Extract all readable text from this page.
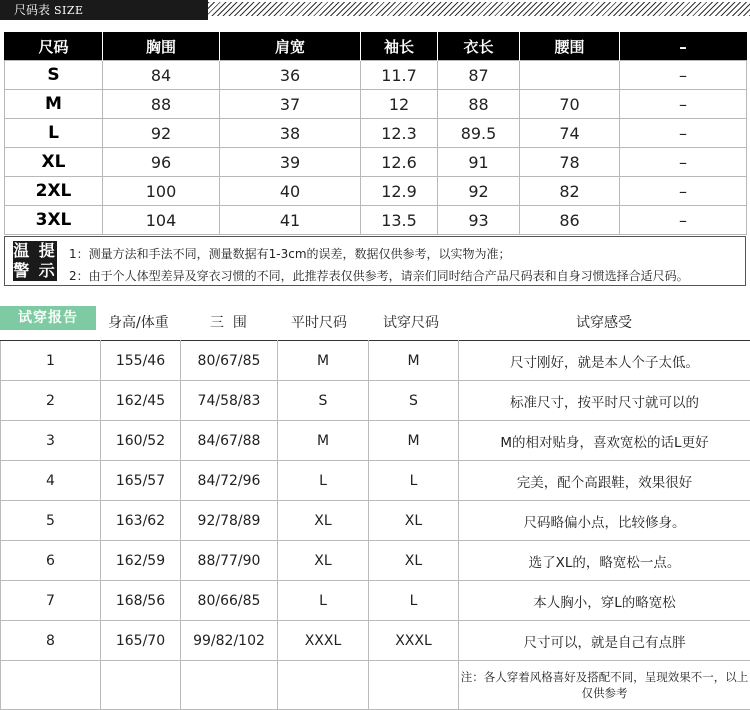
尺码表 SIZE
尺码	胸围	肩宽	袖长	衣长	腰围	–
S	84	36	11.7	87		–
M	88	37	12	88	70	–
L	92	38	12.3	89.5	74	–
XL	96	39	12.6	91	78	–
2XL	100	40	12.9	92	82	–
3XL	104	41	13.5	93	86	–
温 提
警 示
1：测量方法和手法不同，测量数据有1-3cm的误差，数据仅供参考，以实物为准；
2：由于个人体型差异及穿衣习惯的不同，此推荐表仅供参考，请亲们同时结合产品尺码表和自身习惯选择合适尺码。
试穿报告	身高/体重	三  围	平时尺码	试穿尺码	试穿感受
1	155/46	80/67/85	M	M	尺寸刚好，就是本人个子太低。
2	162/45	74/58/83	S	S	标准尺寸，按平时尺寸就可以的
3	160/52	84/67/88	M	M	M的相对贴身，喜欢宽松的话L更好
4	165/57	84/72/96	L	L	完美，配个高跟鞋，效果很好
5	163/62	92/78/89	XL	XL	尺码略偏小点，比较修身。
6	162/59	88/77/90	XL	XL	选了XL的，略宽松一点。
7	168/56	80/66/85	L	L	本人胸小，穿L的略宽松
8	165/70	99/82/102	XXXL	XXXL	尺寸可以，就是自己有点胖
					注：各人穿着风格喜好及搭配不同，呈现效果不一，以上仅供参考
